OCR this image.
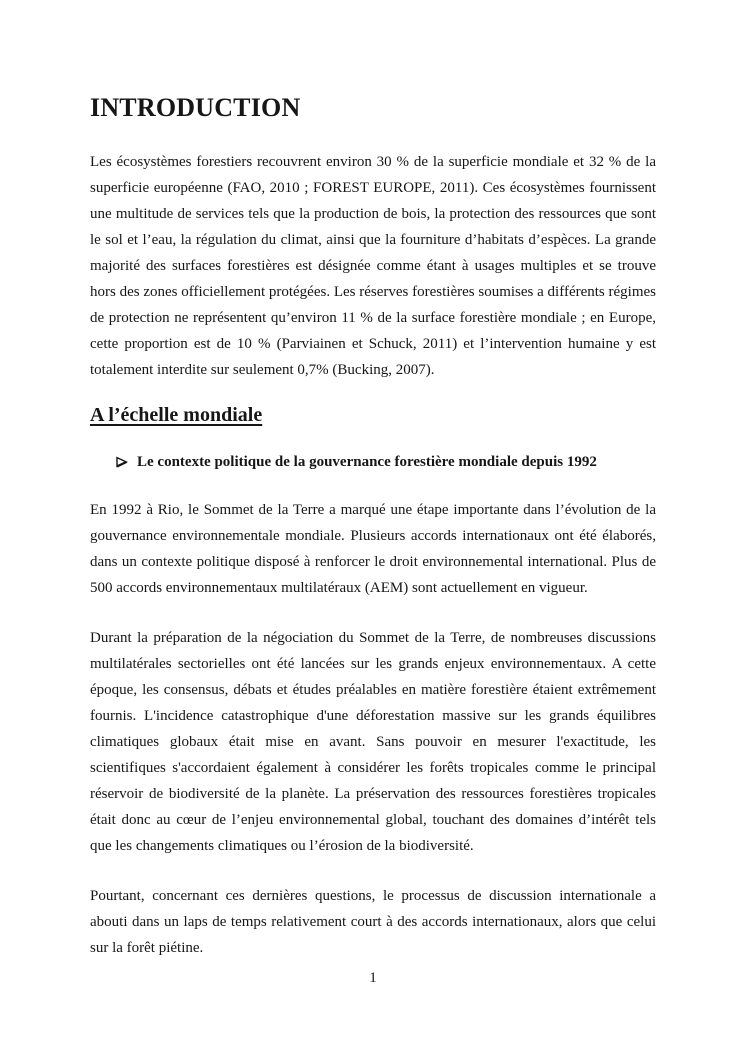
INTRODUCTION

Les écosystèmes forestiers recouvrent environ 30 % de la superficie mondiale et 32 % de la superficie européenne (FAO, 2010 ; FOREST EUROPE, 2011). Ces écosystèmes fournissent une multitude de services tels que la production de bois, la protection des ressources que sont le sol et l’eau, la régulation du climat, ainsi que la fourniture d’habitats d’espèces. La grande majorité des surfaces forestières est désignée comme étant à usages multiples et se trouve hors des zones officiellement protégées. Les réserves forestières soumises a différents régimes de protection ne représentent qu’environ 11 % de la surface forestière mondiale ; en Europe, cette proportion est de 10 % (Parviainen et Schuck, 2011) et l’intervention humaine y est totalement interdite sur seulement 0,7% (Bucking, 2007).

A l’échelle mondiale
Le contexte politique de la gouvernance forestière mondiale depuis 1992

En 1992 à Rio, le Sommet de la Terre a marqué une étape importante dans l’évolution de la gouvernance environnementale mondiale. Plusieurs accords internationaux ont été élaborés, dans un contexte politique disposé à renforcer le droit environnemental international. Plus de 500 accords environnementaux multilatéraux (AEM) sont actuellement en vigueur.

Durant la préparation de la négociation du Sommet de la Terre, de nombreuses discussions multilatérales sectorielles ont été lancées sur les grands enjeux environnementaux. A cette époque, les consensus, débats et études préalables en matière forestière étaient extrêmement fournis. L'incidence catastrophique d'une déforestation massive sur les grands équilibres climatiques globaux était mise en avant. Sans pouvoir en mesurer l'exactitude, les scientifiques s'accordaient également à considérer les forêts tropicales comme le principal réservoir de biodiversité de la planète. La préservation des ressources forestières tropicales était donc au cœur de l’enjeu environnemental global, touchant des domaines d’intérêt tels que les changements climatiques ou l’érosion de la biodiversité.

Pourtant, concernant ces dernières questions, le processus de discussion internationale a abouti dans un laps de temps relativement court à des accords internationaux, alors que celui sur la forêt piétine.

1
